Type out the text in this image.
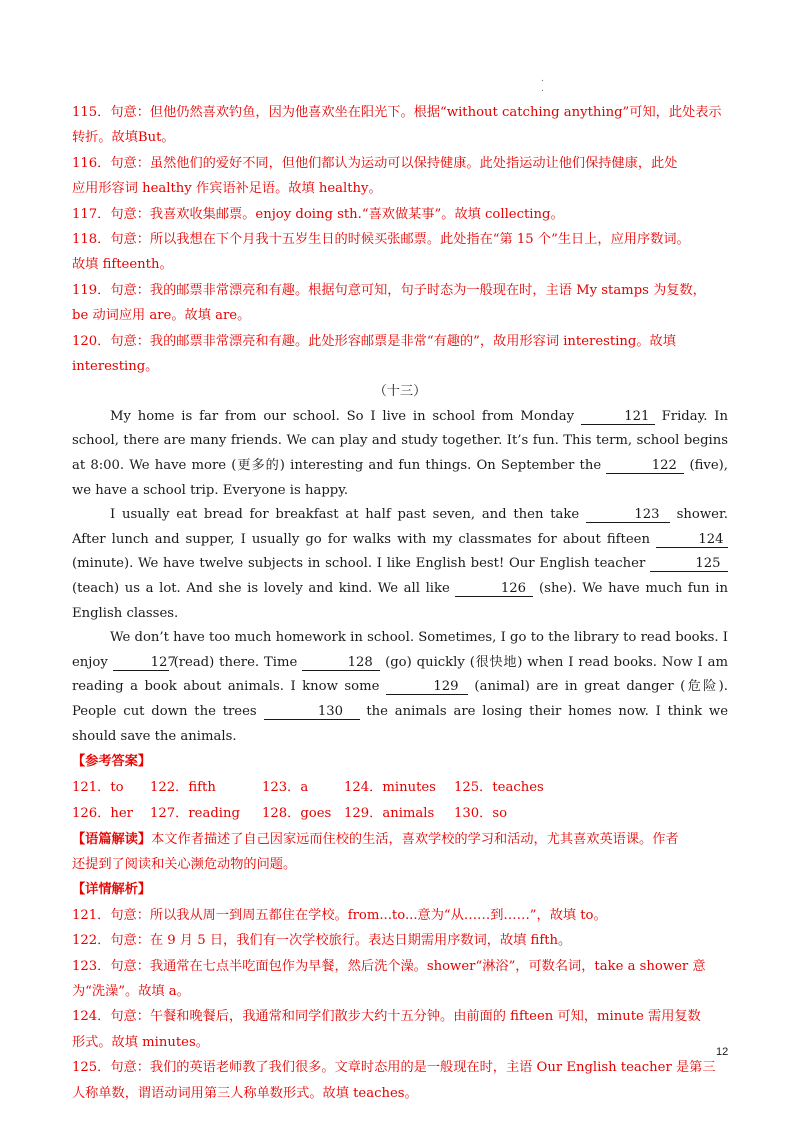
.
.
115．句意：但他仍然喜欢钓鱼，因为他喜欢坐在阳光下。根据“without catching anything”可知，此处表示
转折。故填But。
116．句意：虽然他们的爱好不同，但他们都认为运动可以保持健康。此处指运动让他们保持健康，此处
应用形容词 healthy 作宾语补足语。故填 healthy。
117．句意：我喜欢收集邮票。enjoy doing sth.“喜欢做某事”。故填 collecting。
118．句意：所以我想在下个月我十五岁生日的时候买张邮票。此处指在“第 15 个”生日上，应用序数词。
故填 fifteenth。
119．句意：我的邮票非常漂亮和有趣。根据句意可知，句子时态为一般现在时，主语 My stamps 为复数，
be 动词应用 are。故填 are。
120．句意：我的邮票非常漂亮和有趣。此处形容邮票是非常“有趣的”，故用形容词 interesting。故填
interesting。
（十三）
My home is far from our school. So I live in school from Monday	121 Friday. In school, there are many friends. We can play and study together. It’s fun. This term, school begins at 8:00. We have more (更多的) interesting and fun things. On September the	122 (five), we have a school trip. Everyone is happy.
I usually eat bread for breakfast at half past seven, and then take	123 shower. After lunch and supper, I usually go for walks with my classmates for about fifteen	124 (minute). We have twelve subjects in school. I like English best! Our English teacher	125 (teach) us a lot. And she is lovely and kind. We all like	126 (she). We have much fun in English classes.
We don’t have too much homework in school. Sometimes, I go to the library to read books. I enjoy	127 (read) there. Time	128 (go) quickly (很快地) when I read books. Now I am reading a book about animals. I know some	129 (animal) are in great danger (危险). People cut down the trees	130 the animals are losing their homes now. I think we should save the animals.
【参考答案】
121．to	122．fifth	123．a	124．minutes	125．teaches
126．her	127．reading	128．goes 129．animals	130．so
【语篇解读】本文作者描述了自己因家远而住校的生活，喜欢学校的学习和活动，尤其喜欢英语课。作者
还提到了阅读和关心濒危动物的问题。
【详情解析】
121．句意：所以我从周一到周五都住在学校。from...to...意为“从……到……”，故填 to。
122．句意：在 9 月 5 日，我们有一次学校旅行。表达日期需用序数词，故填 fifth。
123．句意：我通常在七点半吃面包作为早餐，然后洗个澡。shower“淋浴”，可数名词，take a shower 意
为“洗澡”。故填 a。
124．句意：午餐和晚餐后，我通常和同学们散步大约十五分钟。由前面的 fifteen 可知，minute 需用复数
形式。故填 minutes。
125．句意：我们的英语老师教了我们很多。文章时态用的是一般现在时，主语 Our English teacher 是第三
人称单数，谓语动词用第三人称单数形式。故填 teaches。
12
